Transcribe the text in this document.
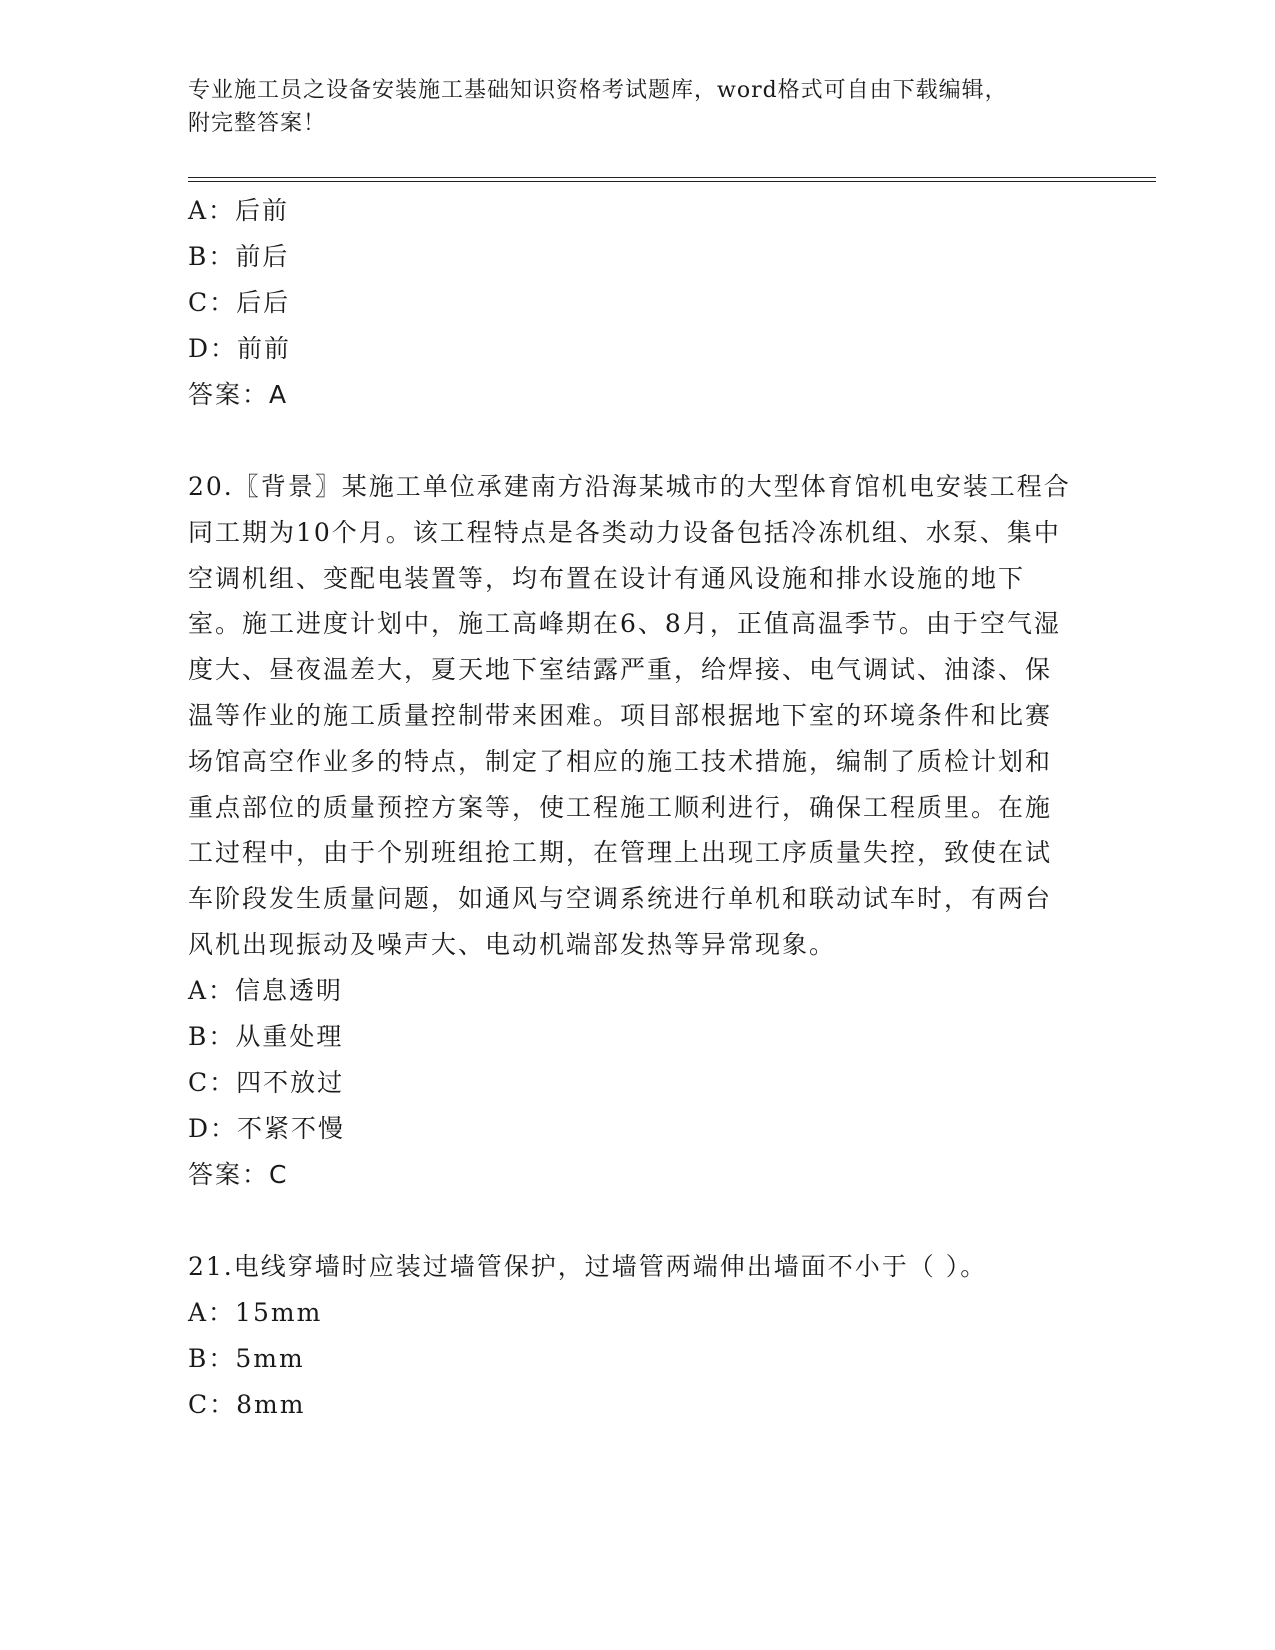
专业施工员之设备安装施工基础知识资格考试题库，word格式可自由下载编辑，
附完整答案！
A：后前
B：前后
C：后后
D：前前
答案：A
20.〖背景〗某施工单位承建南方沿海某城市的大型体育馆机电安装工程合同工期为10个月。该工程特点是各类动力设备包括冷冻机组、水泵、集中空调机组、变配电装置等，均布置在设计有通风设施和排水设施的地下室。施工进度计划中，施工高峰期在6、8月，正值高温季节。由于空气湿度大、昼夜温差大，夏天地下室结露严重，给焊接、电气调试、油漆、保温等作业的施工质量控制带来困难。项目部根据地下室的环境条件和比赛场馆高空作业多的特点，制定了相应的施工技术措施，编制了质检计划和重点部位的质量预控方案等，使工程施工顺利进行，确保工程质里。在施工过程中，由于个别班组抢工期，在管理上出现工序质量失控，致使在试车阶段发生质量问题，如通风与空调系统进行单机和联动试车时，有两台风机出现振动及噪声大、电动机端部发热等异常现象。
A：信息透明
B：从重处理
C：四不放过
D：不紧不慢
答案：C
21.电线穿墙时应装过墙管保护，过墙管两端伸出墙面不小于（ ）。
A：15mm
B：5mm
C：8mm
